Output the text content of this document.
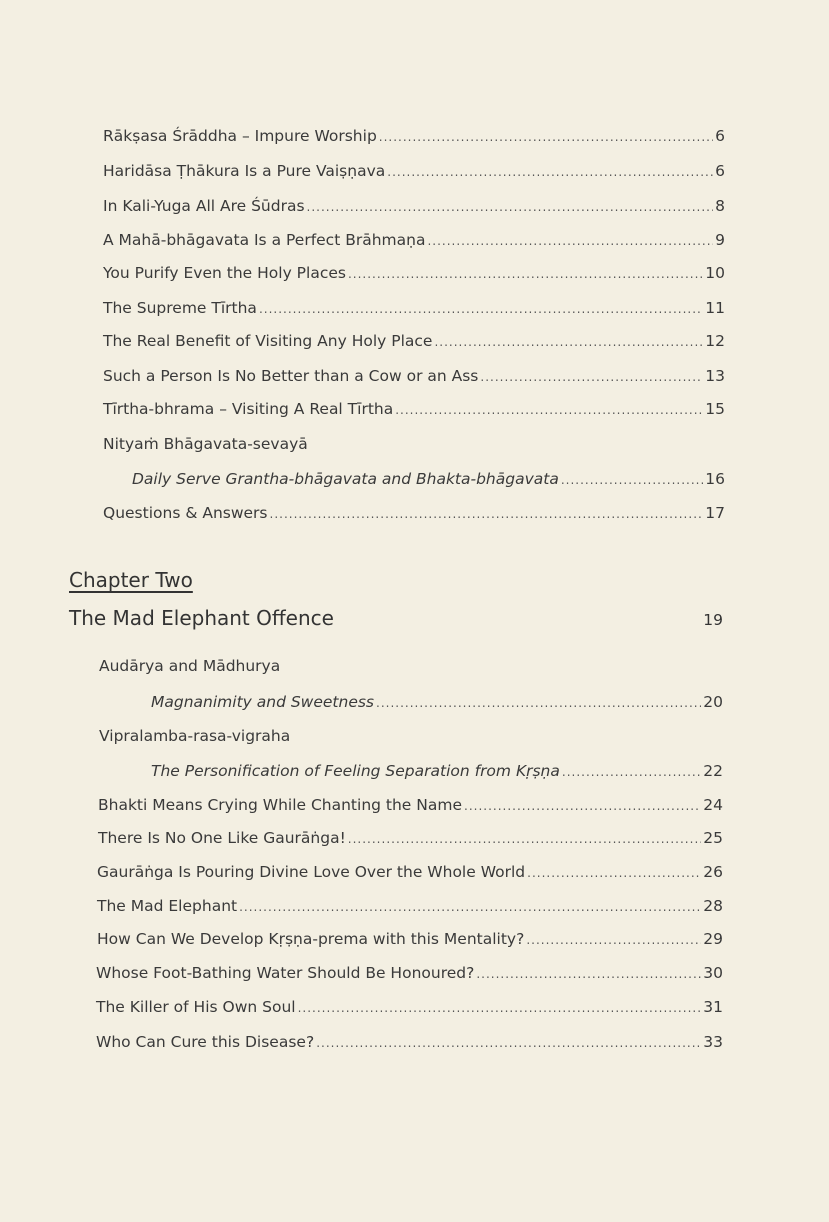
Rākṣasa Śrāddha – Impure Worship .....	6
Haridāsa Ṭhākura Is a Pure Vaiṣṇava .....	6
In Kali-Yuga All Are Śūdras .....	8
A Mahā-bhāgavata Is a Perfect Brāhmaṇa .....	9
You Purify Even the Holy Places .....	10
The Supreme Tīrtha .....	11
The Real Benefit of Visiting Any Holy Place .....	12
Such a Person Is No Better than a Cow or an Ass .....	13
Tīrtha-bhrama – Visiting A Real Tīrtha .....	15
Nityaṁ Bhāgavata-sevayā
Daily Serve Grantha-bhāgavata and Bhakta-bhāgavata .....	16
Questions & Answers .....	17
Chapter Two
The Mad Elephant Offence	19
Audārya and Mādhurya
Magnanimity and Sweetness .....	20
Vipralamba-rasa-vigraha
The Personification of Feeling Separation from Kṛṣṇa .....	22
Bhakti Means Crying While Chanting the Name .....	24
There Is No One Like Gaurāṅga! .....	25
Gaurāṅga Is Pouring Divine Love Over the Whole World .....	26
The Mad Elephant .....	28
How Can We Develop Kṛṣṇa-prema with this Mentality? .....	29
Whose Foot-Bathing Water Should Be Honoured? .....	30
The Killer of His Own Soul .....	31
Who Can Cure this Disease? .....	33
